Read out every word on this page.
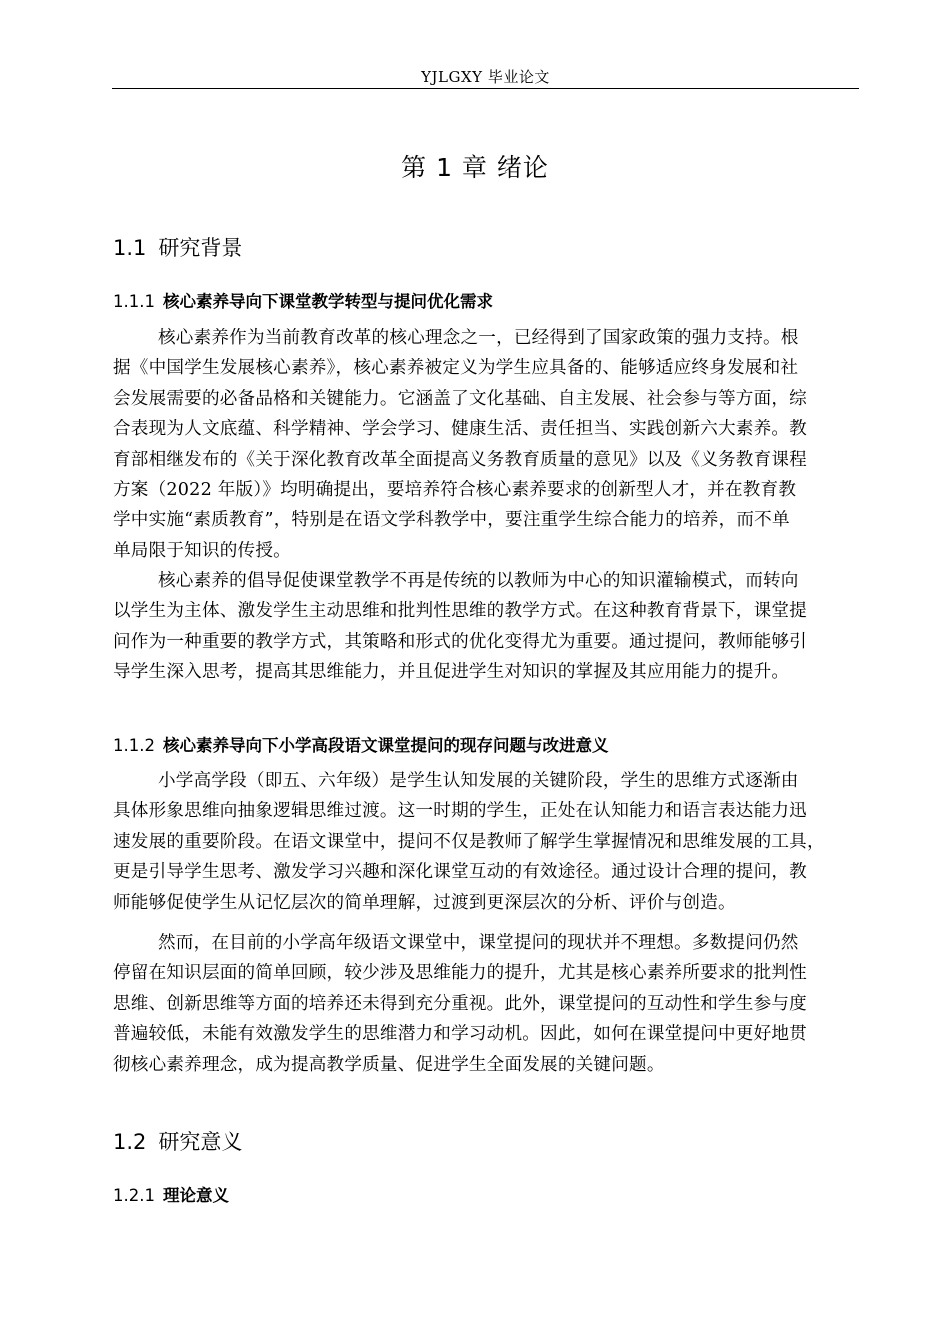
YJLGXY 毕业论文
第 1 章 绪论
1.1 研究背景
1.1.1 核心素养导向下课堂教学转型与提问优化需求
核心素养作为当前教育改革的核心理念之一，已经得到了国家政策的强力支持。根
据《中国学生发展核心素养》，核心素养被定义为学生应具备的、能够适应终身发展和社
会发展需要的必备品格和关键能力。它涵盖了文化基础、自主发展、社会参与等方面，综
合表现为人文底蕴、科学精神、学会学习、健康生活、责任担当、实践创新六大素养。教
育部相继发布的《关于深化教育改革全面提高义务教育质量的意见》以及《义务教育课程
方案（2022 年版）》均明确提出，要培养符合核心素养要求的创新型人才，并在教育教
学中实施“素质教育”，特别是在语文学科教学中，要注重学生综合能力的培养，而不单
单局限于知识的传授。
核心素养的倡导促使课堂教学不再是传统的以教师为中心的知识灌输模式，而转向
以学生为主体、激发学生主动思维和批判性思维的教学方式。在这种教育背景下，课堂提
问作为一种重要的教学方式，其策略和形式的优化变得尤为重要。通过提问，教师能够引
导学生深入思考，提高其思维能力，并且促进学生对知识的掌握及其应用能力的提升。
1.1.2 核心素养导向下小学高段语文课堂提问的现存问题与改进意义
小学高学段（即五、六年级）是学生认知发展的关键阶段，学生的思维方式逐渐由
具体形象思维向抽象逻辑思维过渡。这一时期的学生，正处在认知能力和语言表达能力迅
速发展的重要阶段。在语文课堂中，提问不仅是教师了解学生掌握情况和思维发展的工具，
更是引导学生思考、激发学习兴趣和深化课堂互动的有效途径。通过设计合理的提问，教
师能够促使学生从记忆层次的简单理解，过渡到更深层次的分析、评价与创造。
然而，在目前的小学高年级语文课堂中，课堂提问的现状并不理想。多数提问仍然
停留在知识层面的简单回顾，较少涉及思维能力的提升，尤其是核心素养所要求的批判性
思维、创新思维等方面的培养还未得到充分重视。此外，课堂提问的互动性和学生参与度
普遍较低，未能有效激发学生的思维潜力和学习动机。因此，如何在课堂提问中更好地贯
彻核心素养理念，成为提高教学质量、促进学生全面发展的关键问题。
1.2 研究意义
1.2.1 理论意义
